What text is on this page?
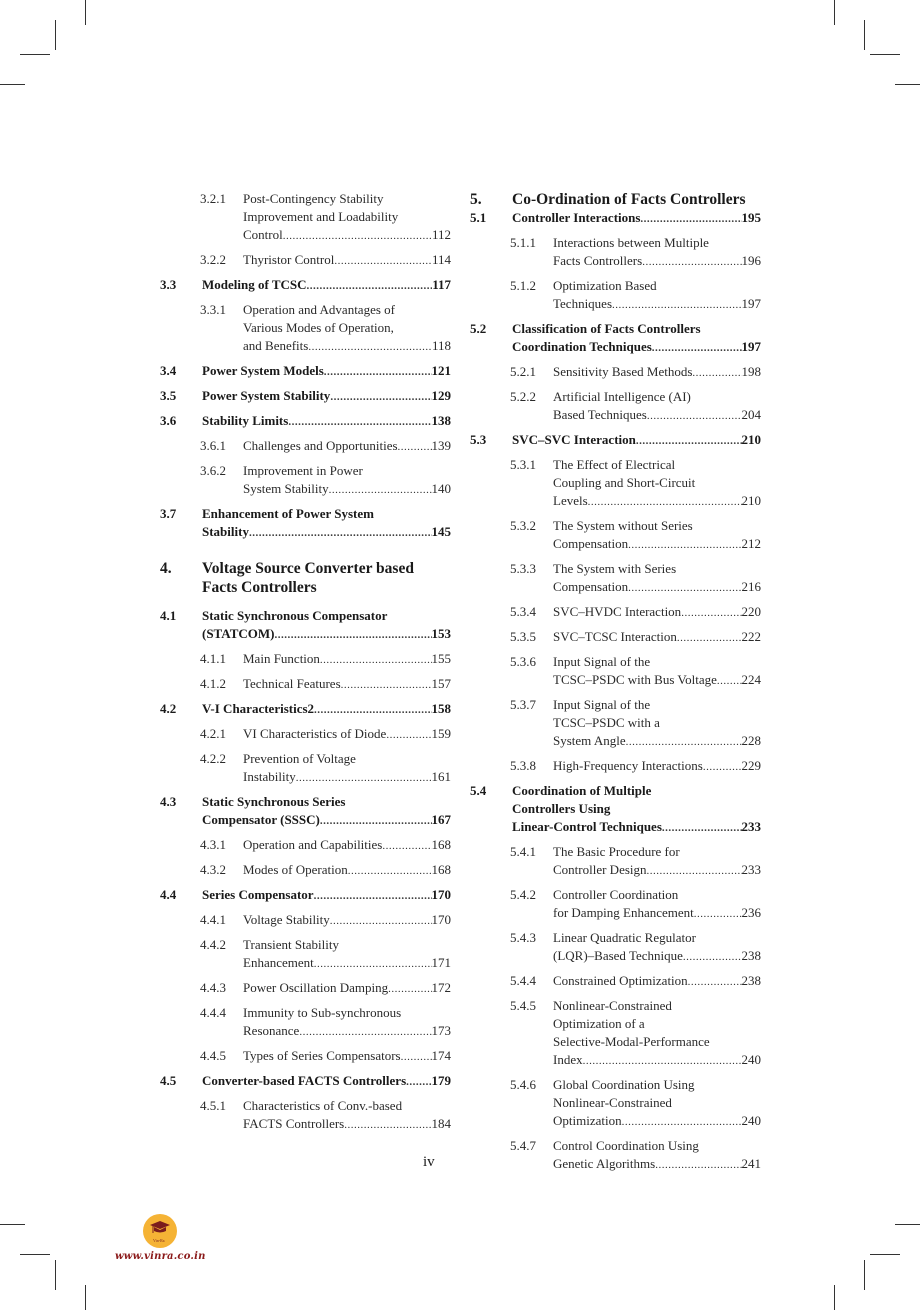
3.2.1 Post-Contingency Stability
Improvement and Loadability
Control .....	112
3.2.2 Thyristor Control .....	114
3.3 Modeling of TCSC .....	117
3.3.1 Operation and Advantages of
Various Modes of Operation,
and Benefits .....	118
3.4 Power System Models .....	121
3.5 Power System Stability .....	129
3.6 Stability Limits .....	138
3.6.1 Challenges and Opportunities .....	139
3.6.2 Improvement in Power
System Stability .....	140
3.7 Enhancement of Power System
Stability .....	145
4. Voltage Source Converter based
Facts Controllers
4.1 Static Synchronous Compensator
(STATCOM) .....	153
4.1.1 Main Function .....	155
4.1.2 Technical Features .....	157
4.2 V-I Characteristics2 .....	158
4.2.1 VI Characteristics of Diode .....	159
4.2.2 Prevention of Voltage
Instability .....	161
4.3 Static Synchronous Series
Compensator (SSSC) .....	167
4.3.1 Operation and Capabilities .....	168
4.3.2 Modes of Operation .....	168
4.4 Series Compensator .....	170
4.4.1 Voltage Stability .....	170
4.4.2 Transient Stability
Enhancement .....	171
4.4.3 Power Oscillation Damping .....	172
4.4.4 Immunity to Sub-synchronous
Resonance .....	173
4.4.5 Types of Series Compensators ..... 174
4.5 Converter-based FACTS Controllers ..... 179
4.5.1 Characteristics of Conv.-based
FACTS Controllers .....	184
5. Co-Ordination of Facts Controllers
5.1 Controller Interactions .....	195
5.1.1 Interactions between Multiple
Facts Controllers .....	196
5.1.2 Optimization Based
Techniques .....	197
5.2 Classification of Facts Controllers
Coordination Techniques .....	197
5.2.1 Sensitivity Based Methods .....	198
5.2.2 Artificial Intelligence (AI)
Based Techniques .....	204
5.3 SVC–SVC Interaction .....	210
5.3.1 The Effect of Electrical
Coupling and Short-Circuit
Levels .....	210
5.3.2 The System without Series
Compensation .....	212
5.3.3 The System with Series
Compensation .....	216
5.3.4 SVC–HVDC Interaction .....	220
5.3.5 SVC–TCSC Interaction .....	222
5.3.6 Input Signal of the
TCSC–PSDC with Bus Voltage ..... 224
5.3.7 Input Signal of the
TCSC–PSDC with a
System Angle .....	228
5.3.8 High-Frequency Interactions .....	229
5.4 Coordination of Multiple
Controllers Using
Linear-Control Techniques .....	233
5.4.1 The Basic Procedure for
Controller Design .....	233
5.4.2 Controller Coordination
for Damping Enhancement .....	236
5.4.3 Linear Quadratic Regulator
(LQR)–Based Technique .....	238
5.4.4 Constrained Optimization .....	238
5.4.5 Nonlinear-Constrained
Optimization of a
Selective-Modal-Performance
Index .....	240
5.4.6 Global Coordination Using
Nonlinear-Constrained
Optimization .....	240
5.4.7 Control Coordination Using
Genetic Algorithms .....	241
iv
Vin-Ra
www.vinra.co.in
